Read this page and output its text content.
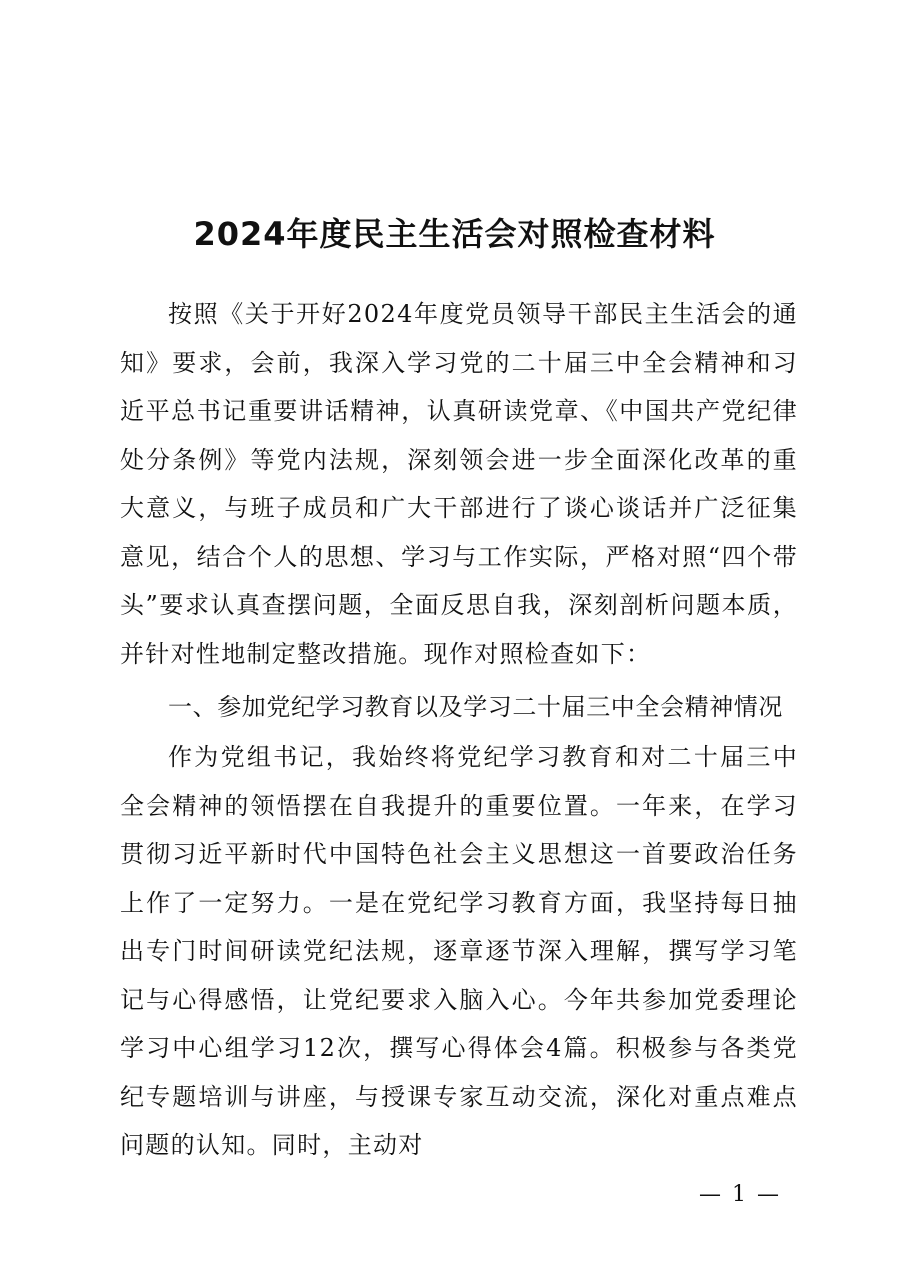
2024年度民主生活会对照检查材料

按照《关于开好2024年度党员领导干部民主生活会的通知》要求，会前，我深入学习党的二十届三中全会精神和习近平总书记重要讲话精神，认真研读党章、《中国共产党纪律处分条例》等党内法规，深刻领会进一步全面深化改革的重大意义，与班子成员和广大干部进行了谈心谈话并广泛征集意见，结合个人的思想、学习与工作实际，严格对照“四个带头”要求认真查摆问题，全面反思自我，深刻剖析问题本质，并针对性地制定整改措施。现作对照检查如下：

一、参加党纪学习教育以及学习二十届三中全会精神情况

作为党组书记，我始终将党纪学习教育和对二十届三中全会精神的领悟摆在自我提升的重要位置。一年来，在学习贯彻习近平新时代中国特色社会主义思想这一首要政治任务上作了一定努力。一是在党纪学习教育方面，我坚持每日抽出专门时间研读党纪法规，逐章逐节深入理解，撰写学习笔记与心得感悟，让党纪要求入脑入心。今年共参加党委理论学习中心组学习12次，撰写心得体会4篇。积极参与各类党纪专题培训与讲座，与授课专家互动交流，深化对重点难点问题的认知。同时，主动对

— 1 —
